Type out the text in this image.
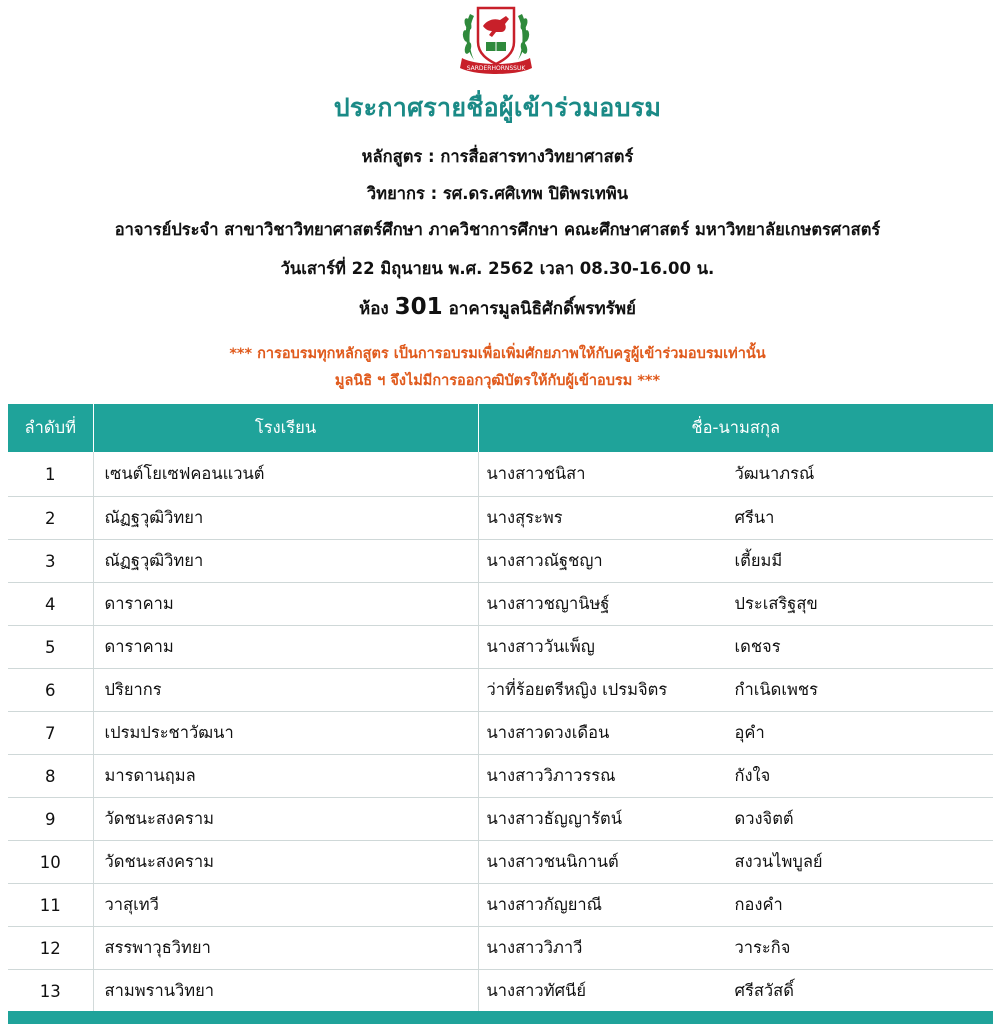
SARDERHORNSSUK
ประกาศรายชื่อผู้เข้าร่วมอบรม
หลักสูตร : การสื่อสารทางวิทยาศาสตร์
วิทยากร : รศ.ดร.ศศิเทพ ปิติพรเทพิน
อาจารย์ประจำ สาขาวิชาวิทยาศาสตร์ศึกษา ภาควิชาการศึกษา คณะศึกษาศาสตร์ มหาวิทยาลัยเกษตรศาสตร์
วันเสาร์ที่ 22 มิถุนายน พ.ศ. 2562 เวลา 08.30-16.00 น.
ห้อง 301 อาคารมูลนิธิศักดิ์พรทรัพย์
*** การอบรมทุกหลักสูตร เป็นการอบรมเพื่อเพิ่มศักยภาพให้กับครูผู้เข้าร่วมอบรมเท่านั้น
มูลนิธิ ฯ จึงไม่มีการออกวุฒิบัตรให้กับผู้เข้าอบรม ***
ลำดับที่	โรงเรียน	ชื่อ-นามสกุล
1	เซนต์โยเซฟคอนแวนต์	นางสาวชนิสา วัฒนาภรณ์

2	ณัฏฐวุฒิวิทยา	นางสุระพร ศรีนา

3	ณัฏฐวุฒิวิทยา	นางสาวณัฐชญา เตี้ยมมี

4	ดาราคาม	นางสาวชญานิษฐ์ ประเสริฐสุข

5	ดาราคาม	นางสาววันเพ็ญ เดชจร

6	ปริยากร	ว่าที่ร้อยตรีหญิง เปรมจิตร กำเนิดเพชร

7	เปรมประชาวัฒนา	นางสาวดวงเดือน อุคำ

8	มารดานฤมล	นางสาววิภาวรรณ กังใจ

9	วัดชนะสงคราม	นางสาวธัญญารัตน์ ดวงจิตต์

10	วัดชนะสงคราม	นางสาวชนนิกานต์ สงวนไพบูลย์

11	วาสุเทวี	นางสาวกัญยาณี กองคำ

12	สรรพาวุธวิทยา	นางสาววิภาวี วาระกิจ

13	สามพรานวิทยา	นางสาวทัศนีย์ ศรีสวัสดิ์
